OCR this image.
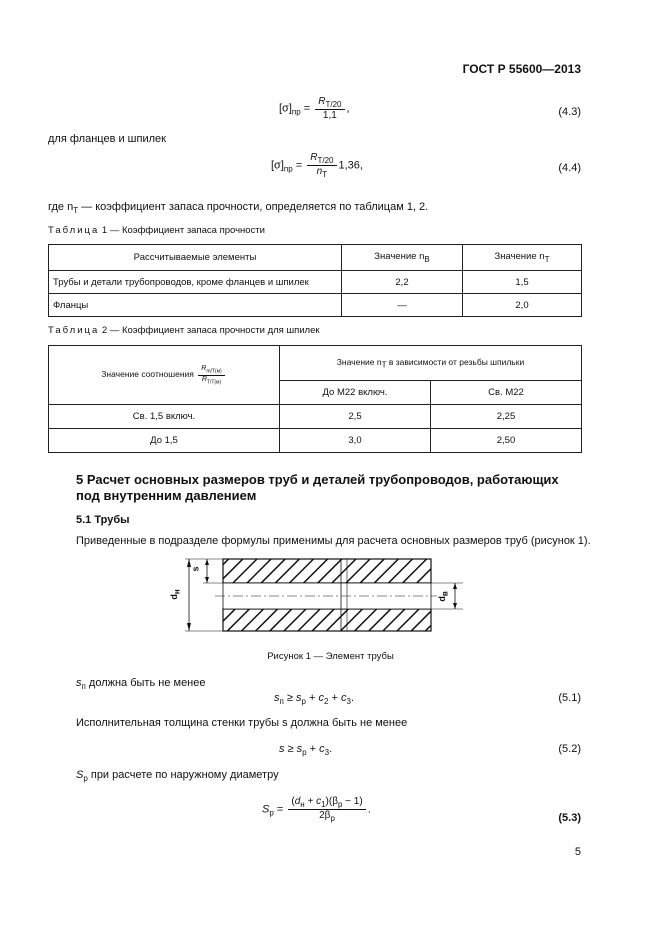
ГОСТ Р 55600—2013
$[\sigma]_{пр} = \frac{R_{T/20}}{1,1}$ ,	(4.3)
для фланцев и шпилек
$[\sigma]_{пр} = \frac{R_{T/20}}{n_T} 1,36$,	(4.4)
где $n_T$ — коэффициент запаса прочности, определяется по таблицам 1, 2.
Таблица 1 — Коэффициент запаса прочности
Рассчитываемые элементы	Значение $n_В$	Значение $n_T$
Трубы и детали трубопроводов, кроме фланцев и шпилек	2,2	1,5
Фланцы	—	2,0
Таблица 2 — Коэффициент запаса прочности для шпилек
Значение соотношения $\frac{R_{m/T(м)}}{R_{T/T(м)}}$	Значение $n_T$ в зависимости от резьбы шпильки	
	До М22 включ.	Св. М22
Св. 1,5 включ.	2,5	2,25
До 1,5	3,0	2,50
5 Расчет основных размеров труб и деталей трубопроводов, работающих под внутренним давлением
5.1 Трубы
Приведенные в подразделе формулы применимы для расчета основных размеров труб (рисунок 1).
$d_н$
s
$d_в$
Рисунок 1 — Элемент трубы
$s_п$ должна быть не менее
$s_п \ge s_р + c_2 + c_3$.	(5.1)
Исполнительная толщина стенки трубы s должна быть не менее
$s \ge s_р + c_3$.	(5.2)
$S_р$ при расчете по наружному диаметру
$S_р = \frac{(d_н + c_1)(\beta_р - 1)}{2\beta_р}$ .
(5.3)
5
